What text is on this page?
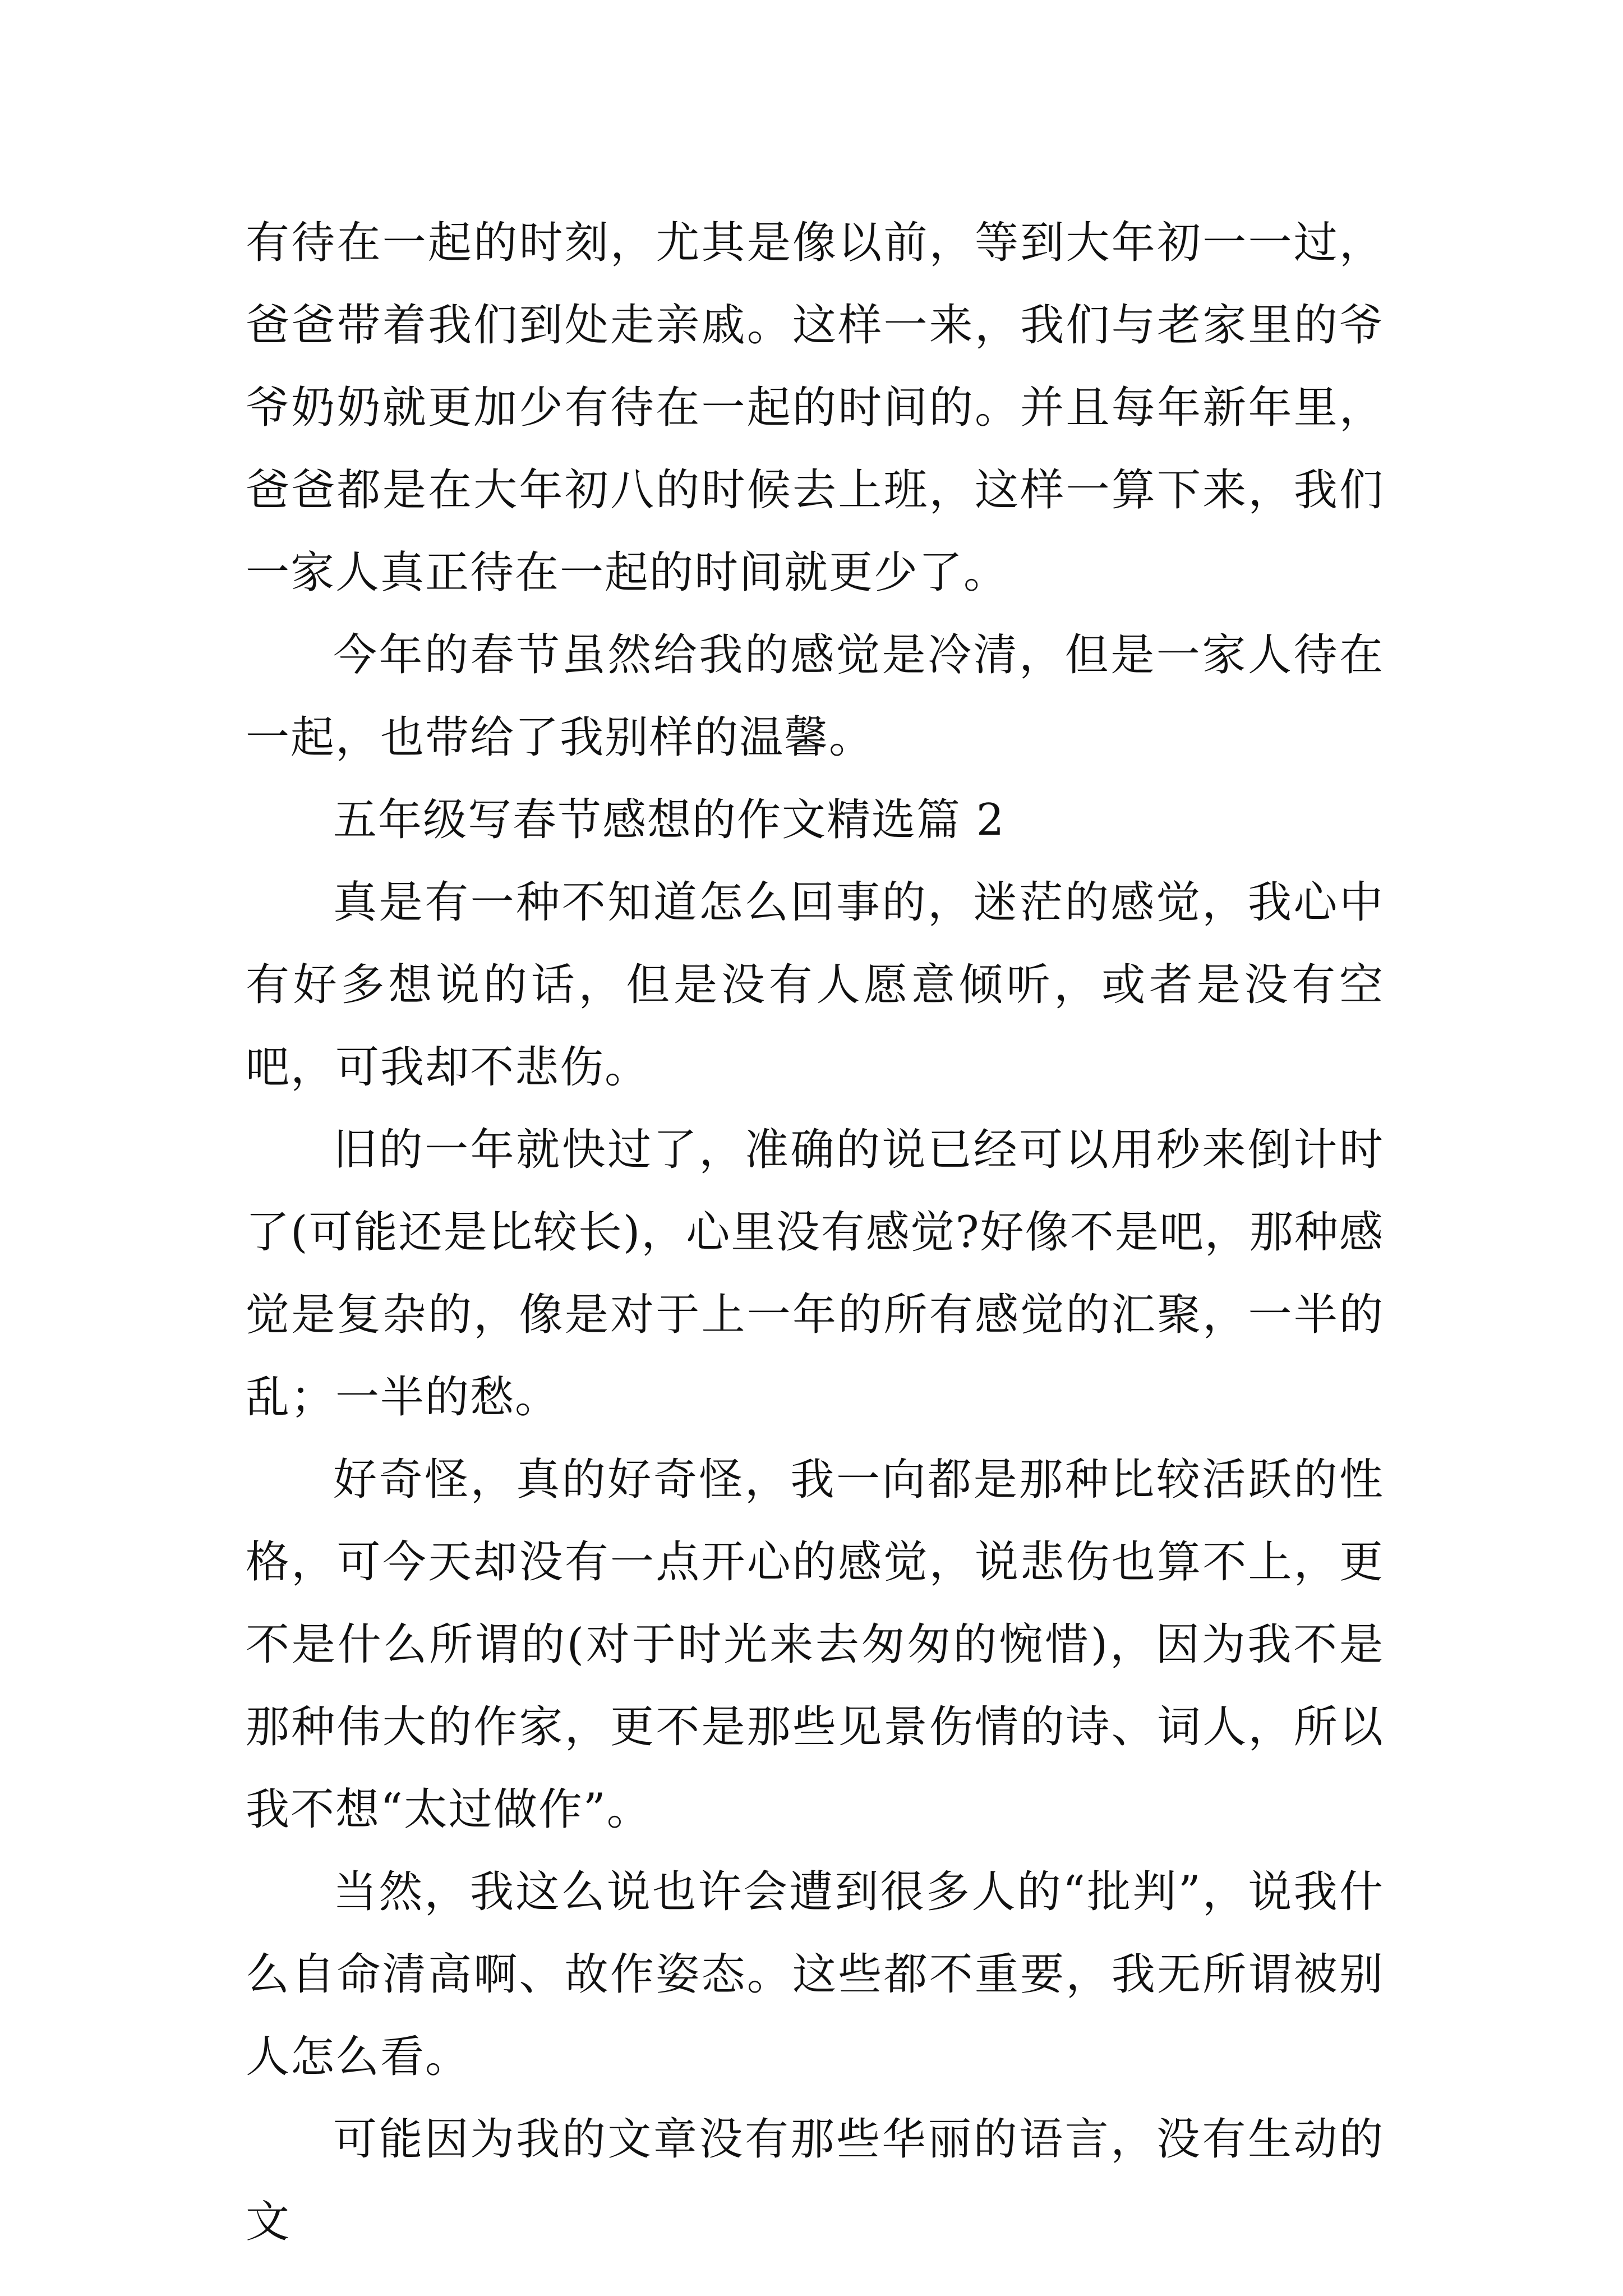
有待在一起的时刻，尤其是像以前，等到大年初一一过，爸爸带着我们到处走亲戚。这样一来，我们与老家里的爷爷奶奶就更加少有待在一起的时间的。并且每年新年里，爸爸都是在大年初八的时候去上班，这样一算下来，我们一家人真正待在一起的时间就更少了。

今年的春节虽然给我的感觉是冷清，但是一家人待在一起，也带给了我别样的温馨。

五年级写春节感想的作文精选篇 2

真是有一种不知道怎么回事的，迷茫的感觉，我心中有好多想说的话，但是没有人愿意倾听，或者是没有空吧，可我却不悲伤。

旧的一年就快过了，准确的说已经可以用秒来倒计时了(可能还是比较长)，心里没有感觉?好像不是吧，那种感觉是复杂的，像是对于上一年的所有感觉的汇聚，一半的乱；一半的愁。

好奇怪，真的好奇怪，我一向都是那种比较活跃的性格，可今天却没有一点开心的感觉，说悲伤也算不上，更不是什么所谓的(对于时光来去匆匆的惋惜)，因为我不是那种伟大的作家，更不是那些见景伤情的诗、词人，所以我不想“太过做作”。

当然，我这么说也许会遭到很多人的“批判”，说我什么自命清高啊、故作姿态。这些都不重要，我无所谓被别人怎么看。

可能因为我的文章没有那些华丽的语言，没有生动的文
